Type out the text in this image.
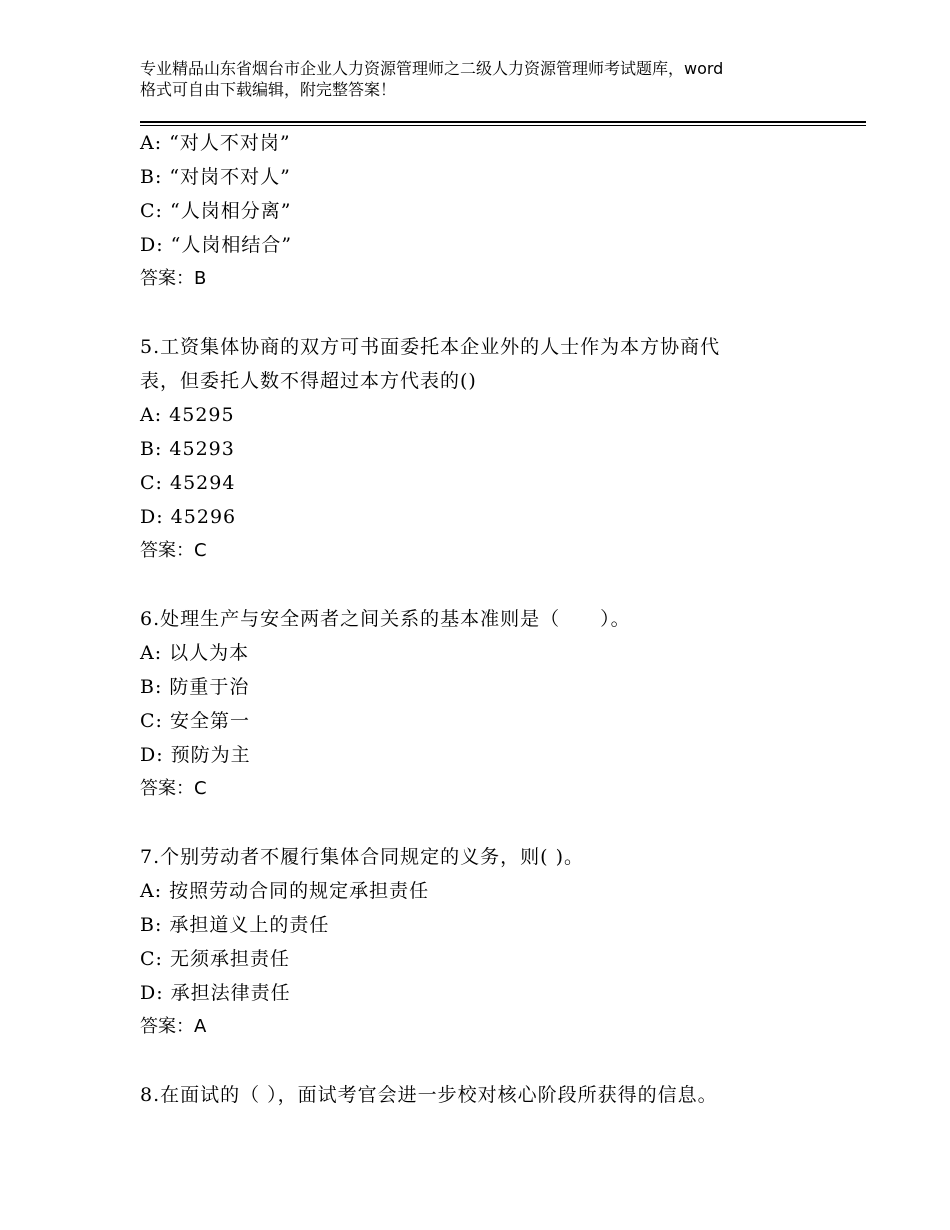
专业精品山东省烟台市企业人力资源管理师之二级人力资源管理师考试题库，word
格式可自由下载编辑，附完整答案！
A: “对人不对岗”
B: “对岗不对人”
C: “人岗相分离”
D: “人岗相结合”
答案：B
5.工资集体协商的双方可书面委托本企业外的人士作为本方协商代
表，但委托人数不得超过本方代表的()
A: 45295
B: 45293
C: 45294
D: 45296
答案：C
6.处理生产与安全两者之间关系的基本准则是（　　）。
A: 以人为本
B: 防重于治
C: 安全第一
D: 预防为主
答案：C
7.个别劳动者不履行集体合同规定的义务，则( )。
A: 按照劳动合同的规定承担责任
B: 承担道义上的责任
C: 无须承担责任
D: 承担法律责任
答案：A
8.在面试的（ ），面试考官会进一步校对核心阶段所获得的信息。
